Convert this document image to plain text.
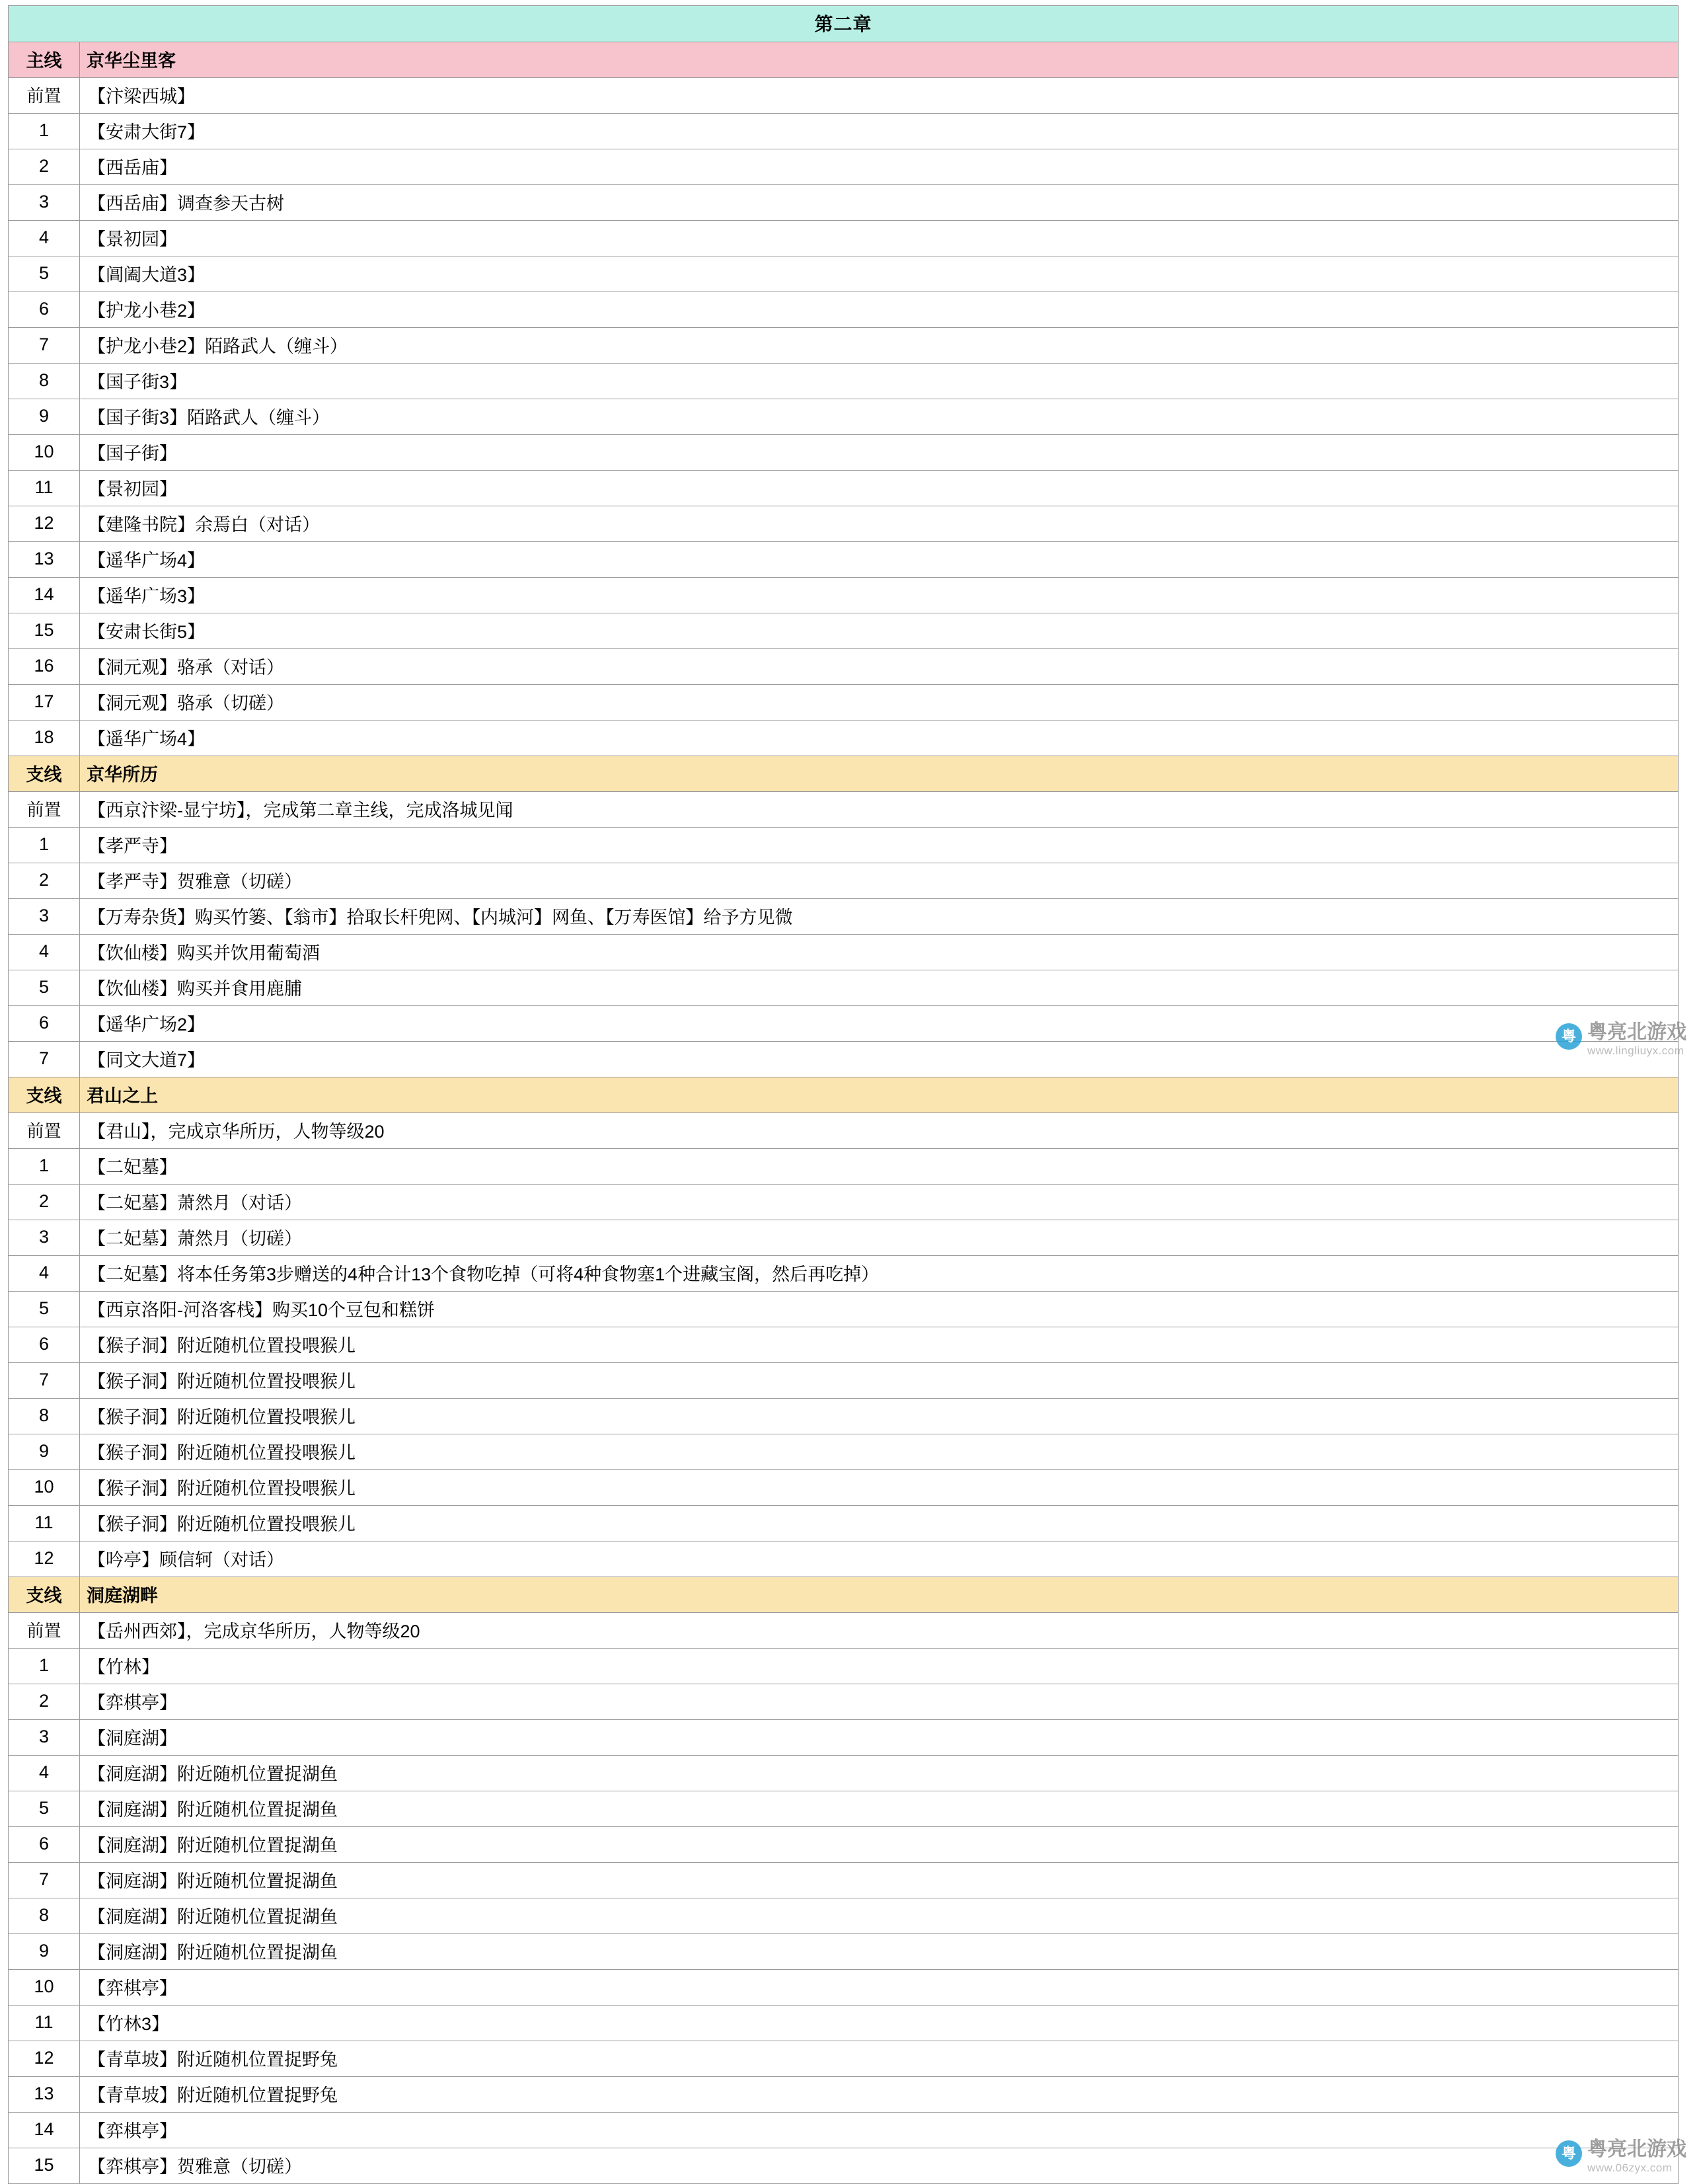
第二章	
主线	京华尘里客
前置	【汴梁西城】
1	【安肃大街7】
2	【西岳庙】
3	【西岳庙】调查参天古树
4	【景初园】
5	【阊阖大道3】
6	【护龙小巷2】
7	【护龙小巷2】陌路武人（缠斗）
8	【国子街3】
9	【国子街3】陌路武人（缠斗）
10	【国子街】
11	【景初园】
12	【建隆书院】余焉白（对话）
13	【遥华广场4】
14	【遥华广场3】
15	【安肃长街5】
16	【洞元观】骆承（对话）
17	【洞元观】骆承（切磋）
18	【遥华广场4】
支线	京华所历
前置	【西京汴梁-显宁坊】，完成第二章主线，完成洛城见闻
1	【孝严寺】
2	【孝严寺】贺雅意（切磋）
3	【万寿杂货】购买竹篓、【翁市】拾取长杆兜网、【内城河】网鱼、【万寿医馆】给予方见微
4	【饮仙楼】购买并饮用葡萄酒
5	【饮仙楼】购买并食用鹿脯
6	【遥华广场2】
7	【同文大道7】
支线	君山之上
前置	【君山】，完成京华所历，人物等级20
1	【二妃墓】
2	【二妃墓】萧然月（对话）
3	【二妃墓】萧然月（切磋）
4	【二妃墓】将本任务第3步赠送的4种合计13个食物吃掉（可将4种食物塞1个进藏宝阁，然后再吃掉）
5	【西京洛阳-河洛客栈】购买10个豆包和糕饼
6	【猴子洞】附近随机位置投喂猴儿
7	【猴子洞】附近随机位置投喂猴儿
8	【猴子洞】附近随机位置投喂猴儿
9	【猴子洞】附近随机位置投喂猴儿
10	【猴子洞】附近随机位置投喂猴儿
11	【猴子洞】附近随机位置投喂猴儿
12	【吟亭】顾信轲（对话）
支线	洞庭湖畔
前置	【岳州西郊】，完成京华所历，人物等级20
1	【竹林】
2	【弈棋亭】
3	【洞庭湖】
4	【洞庭湖】附近随机位置捉湖鱼
5	【洞庭湖】附近随机位置捉湖鱼
6	【洞庭湖】附近随机位置捉湖鱼
7	【洞庭湖】附近随机位置捉湖鱼
8	【洞庭湖】附近随机位置捉湖鱼
9	【洞庭湖】附近随机位置捉湖鱼
10	【弈棋亭】
11	【竹林3】
12	【青草坡】附近随机位置捉野兔
13	【青草坡】附近随机位置捉野兔
14	【弈棋亭】
15	【弈棋亭】贺雅意（切磋）
粤 粤亮北游戏
www.lingliuyx.com
粤 粤亮北游戏
www.06zyx.com
